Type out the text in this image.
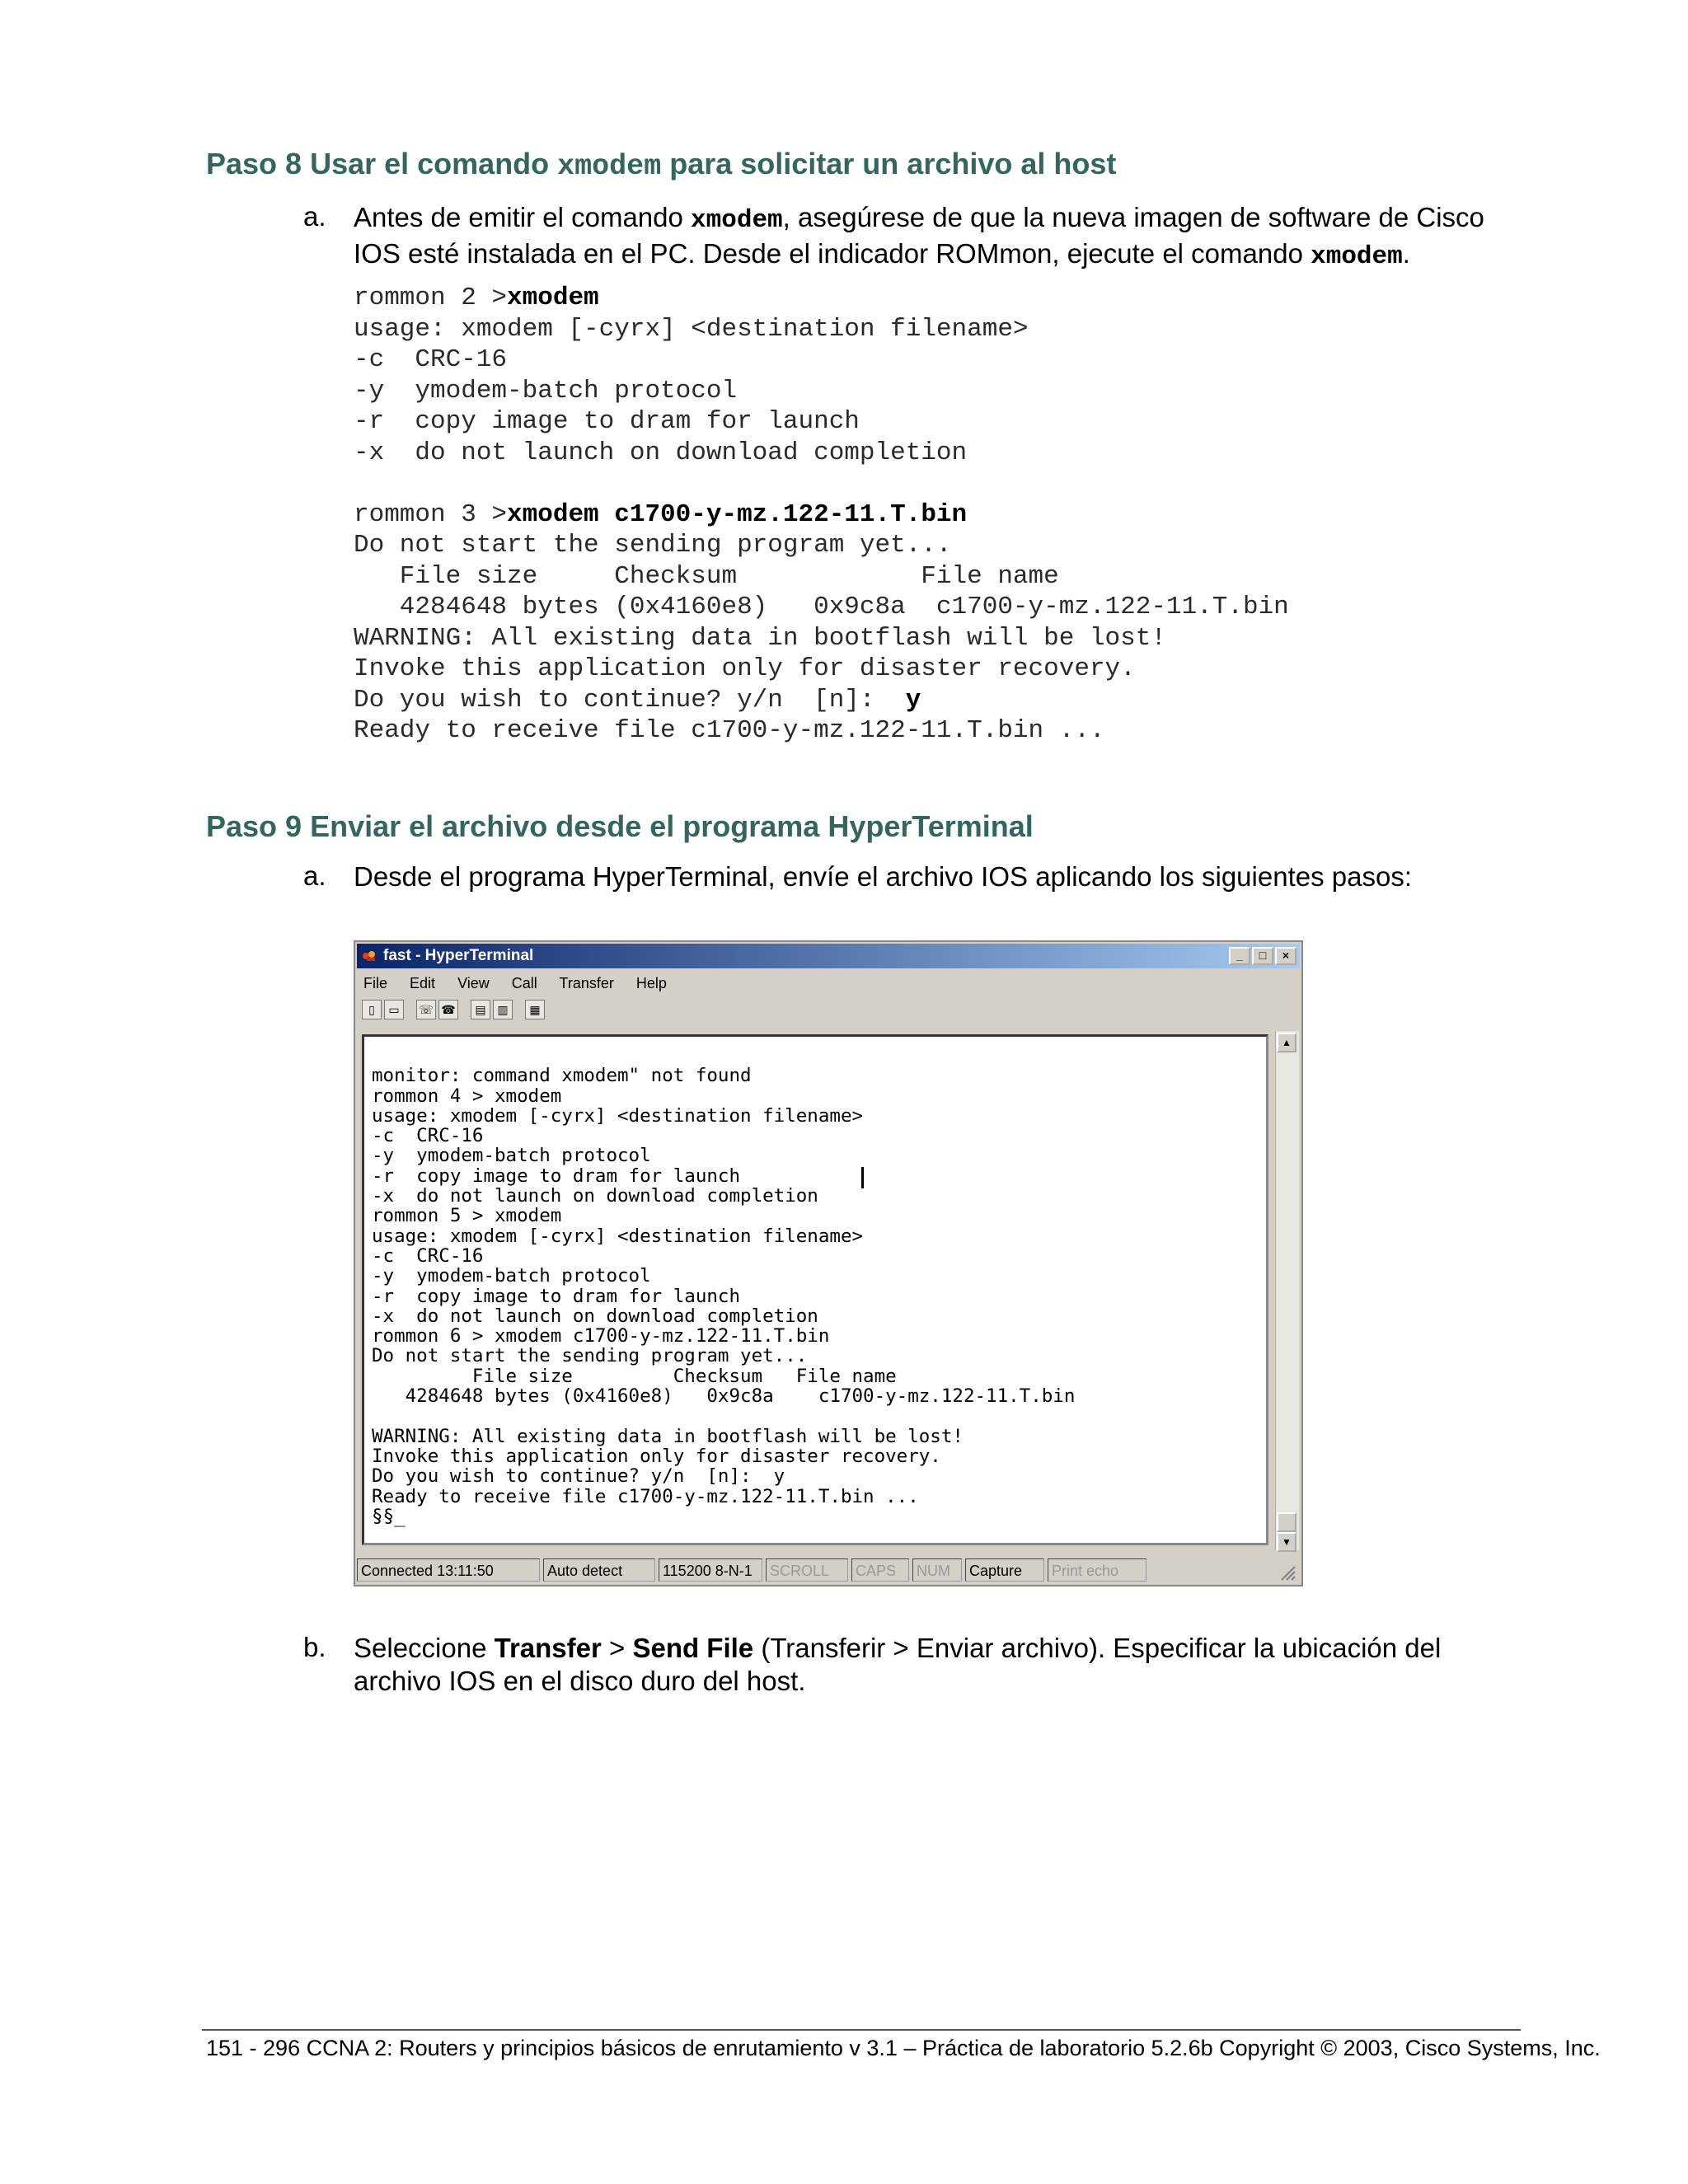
Paso 8 Usar el comando xmodem para solicitar un archivo al host
a. Antes de emitir el comando xmodem, asegúrese de que la nueva imagen de software de Cisco IOS esté instalada en el PC. Desde el indicador ROMmon, ejecute el comando xmodem.
rommon 2 >xmodem
usage: xmodem [-cyrx] <destination filename>
-c  CRC-16
-y  ymodem-batch protocol
-r  copy image to dram for launch
-x  do not launch on download completion

rommon 3 >xmodem c1700-y-mz.122-11.T.bin
Do not start the sending program yet...
File size     Checksum            File name
4284648 bytes (0x4160e8)   0x9c8a  c1700-y-mz.122-11.T.bin
WARNING: All existing data in bootflash will be lost!
Invoke this application only for disaster recovery.
Do you wish to continue? y/n  [n]:  y
Ready to receive file c1700-y-mz.122-11.T.bin ...
Paso 9 Enviar el archivo desde el programa HyperTerminal
a. Desde el programa HyperTerminal, envíe el archivo IOS aplicando los siguientes pasos:
fast - HyperTerminal	_	□	×
File Edit View Call Transfer Help
▯ ▭ ☏ ☎ ▤ ▥ ▦

monitor: command xmodem" not found
rommon 4 > xmodem
usage: xmodem [-cyrx] <destination filename>
-c  CRC-16
-y  ymodem-batch protocol
-r  copy image to dram for launch
-x  do not launch on download completion
rommon 5 > xmodem
usage: xmodem [-cyrx] <destination filename>
-c  CRC-16
-y  ymodem-batch protocol
-r  copy image to dram for launch
-x  do not launch on download completion
rommon 6 > xmodem c1700-y-mz.122-11.T.bin
Do not start the sending program yet...
File size         Checksum   File name
4284648 bytes (0x4160e8)   0x9c8a    c1700-y-mz.122-11.T.bin

WARNING: All existing data in bootflash will be lost!
Invoke this application only for disaster recovery.
Do you wish to continue? y/n  [n]:  y
Ready to receive file c1700-y-mz.122-11.T.bin ...
§§_
▲
▼
Connected 13:11:50	Auto detect	115200 8-N-1	SCROLL	CAPS	NUM	Capture	Print echo
b. Seleccione Transfer > Send File (Transferir > Enviar archivo). Especificar la ubicación del archivo IOS en el disco duro del host.
151 - 296 CCNA 2: Routers y principios básicos de enrutamiento v 3.1 – Práctica de laboratorio 5.2.6b Copyright © 2003, Cisco Systems, Inc.
